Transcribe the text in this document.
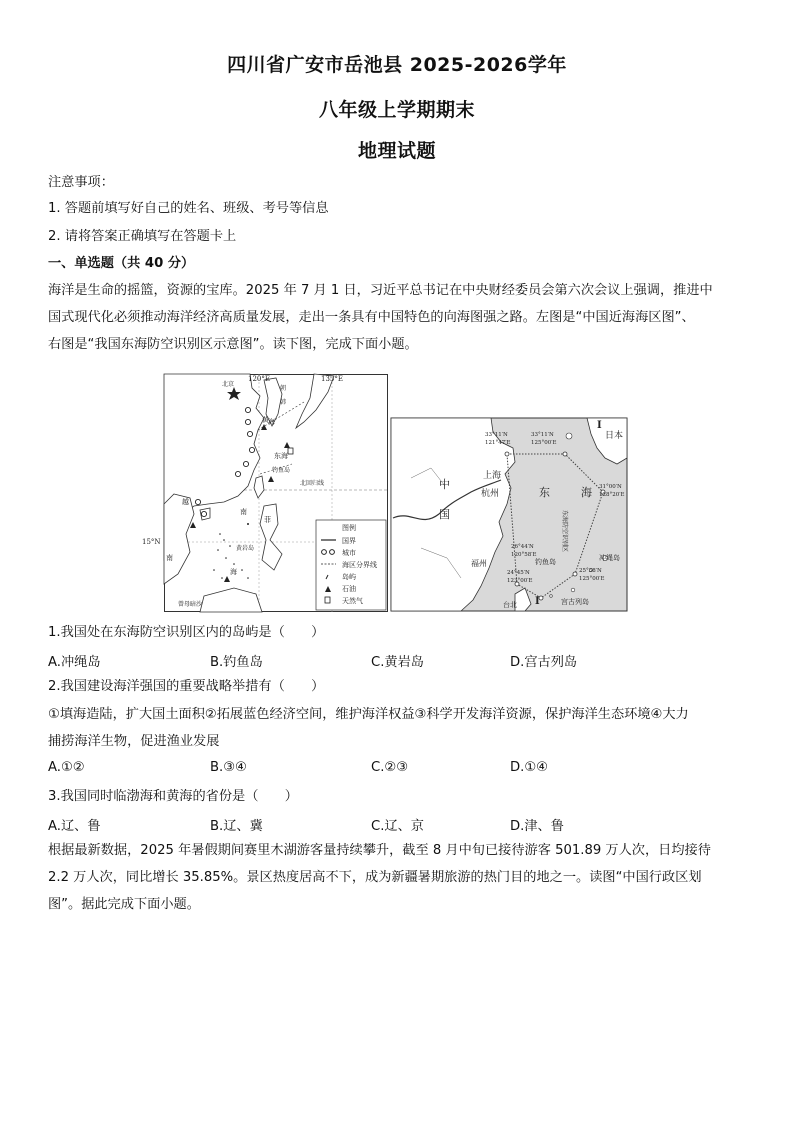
四川省广安市岳池县 2025-2026学年
八年级上学期期末
地理试题
注意事项：
1. 答题前填写好自己的姓名、班级、考号等信息
2. 请将答案正确填写在答题卡上
一、单选题（共 40 分）
海洋是生命的摇篮，资源的宝库。2025 年 7 月 1 日，习近平总书记在中央财经委员会第六次会议上强调，推进中
国式现代化必须推动海洋经济高质量发展，走出一条具有中国特色的向海图强之路。左图是“中国近海海区图”、
右图是“我国东海防空识别区示意图”。读下图，完成下面小题。
120°E	135°E
15°N
北京
朝
韩
黄 海
东海
钓鱼岛
北回归线
越
南
南
海
菲
黄岩岛
曾母暗沙
图例
国界
城市
海区分界线
岛屿
石油
天然气
中
国
上海
杭州
福州
台北
东	海
东海防空识别区
钓鱼岛	冲绳岛
宫古列岛
日本
33°11′N
121°47′E
33°11′N
125°00′E
31°00′N
128°20′E
25°38′N
125°00′E
26°44′N
120°58′E
24°45′N
123°00′E
I
I
1.我国处在东海防空识别区内的岛屿是（　　）
A.冲绳岛	B.钓鱼岛	C.黄岩岛	D.宫古列岛
2.我国建设海洋强国的重要战略举措有（　　）
①填海造陆，扩大国土面积②拓展蓝色经济空间，维护海洋权益③科学开发海洋资源，保护海洋生态环境④大力
捕捞海洋生物，促进渔业发展
A.①②	B.③④	C.②③	D.①④
3.我国同时临渤海和黄海的省份是（　　）
A.辽、鲁	B.辽、冀	C.辽、京	D.津、鲁
根据最新数据，2025 年暑假期间赛里木湖游客量持续攀升，截至 8 月中旬已接待游客 501.89 万人次，日均接待
2.2 万人次，同比增长 35.85%。景区热度居高不下，成为新疆暑期旅游的热门目的地之一。读图“中国行政区划
图”。据此完成下面小题。
